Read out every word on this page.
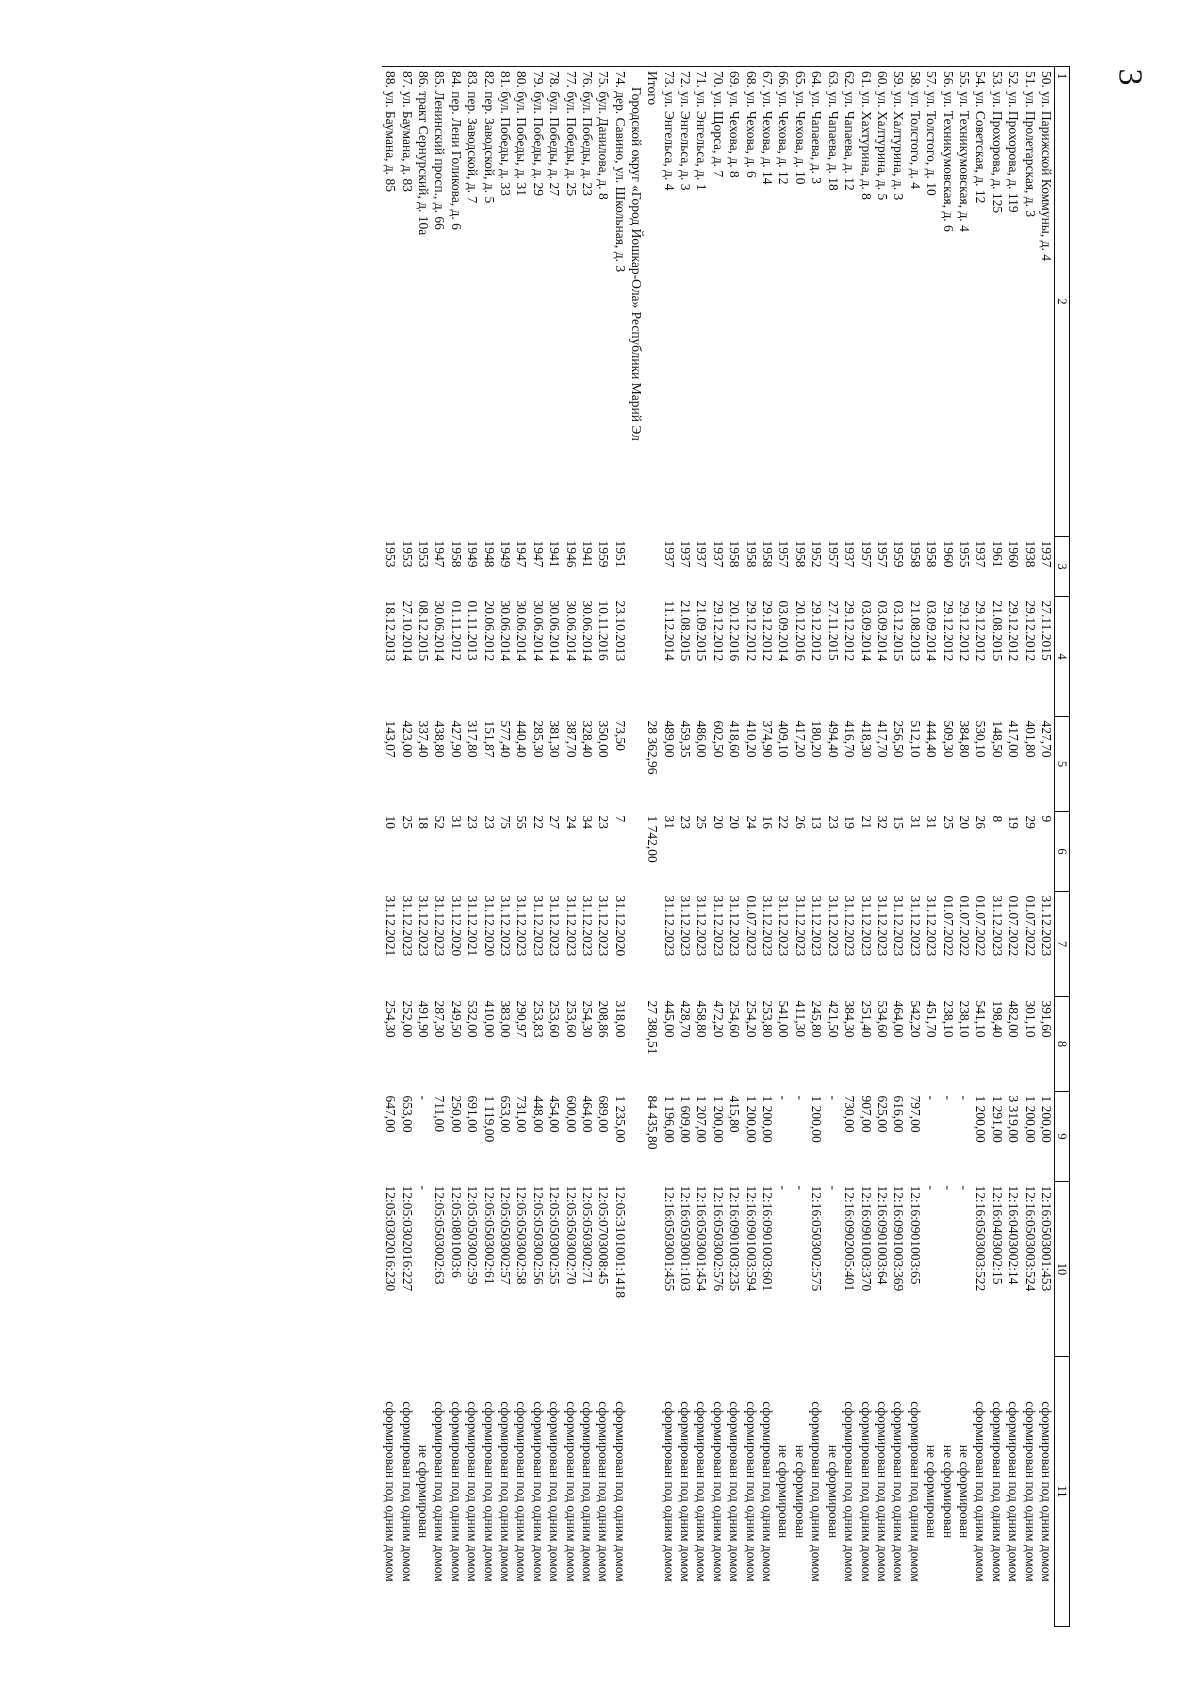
3
1
2	3	4	5	6	7	8	9	10	11
50. ул. Парижской Коммуны, д. 4	1937	27.11.2015	427,70	9	31.12.2023	391,60	1 200,00	12:16:0503001:453	сформирован под одним домом
51. ул. Пролетарская, д. 3	1938	29.12.2012	401,80	29	01.07.2022	301,10	1 200,00	12:16:0503003:524	сформирован под одним домом
52. ул. Прохорова, д. 119	1960	29.12.2012	417,00	19	01.07.2022	482,00	3 319,00	12:16:0403002:14	сформирован под одним домом
53. ул. Прохорова, д. 125	1961	21.08.2015	148,50	8	31.12.2023	198,40	1 291,00	12:16:0403002:15	сформирован под одним домом
54. ул. Советская, д. 12	1937	29.12.2012	530,10	26	01.07.2022	541,10	1 200,00	12:16:0503003:522	сформирован под одним домом
55. ул. Техникумовская, д. 4	1955	29.12.2012	384,80	20	01.07.2022	238,10	-	-	не сформирован
56. ул. Техникумовская, д. 6	1960	29.12.2012	509,30	25	01.07.2022	238,10	-	-	не сформирован
57. ул. Толстого, д. 10	1958	03.09.2014	444,40	31	31.12.2023	451,70	-	-	не сформирован
58. ул. Толстого, д. 4	1958	21.08.2013	512,10	31	31.12.2023	542,20	797,00	12:16:0901003:65	сформирован под одним домом
59. ул. Халтурина, д. 3	1959	03.12.2015	256,50	15	31.12.2023	464,00	616,00	12:16:0901003:369	сформирован под одним домом
60. ул. Халтурина, д. 5	1957	03.09.2014	417,70	32	31.12.2023	534,60	625,00	12:16:0901003:64	сформирован под одним домом
61. ул. Хахтурина, д. 8	1957	03.09.2014	418,30	21	31.12.2023	251,40	907,00	12:16:0901003:370	сформирован под одним домом
62. ул. Чапаева, д. 12	1937	29.12.2012	416,70	19	31.12.2023	384,30	730,00	12:16:0902005:401	сформирован под одним домом
63. ул. Чапаева, д. 18	1957	27.11.2015	494,40	23	31.12.2023	421,50	-	-	не сформирован
64. ул. Чапаева, д. 3	1952	29.12.2012	180,20	13	31.12.2023	245,80	1 200,00	12:16:0503002:575	сформирован под одним домом
65. ул. Чехова, д. 10	1958	20.12.2016	417,20	26	31.12.2023	411,30	-	-	не сформирован
66. ул. Чехова, д. 12	1957	03.09.2014	409,10	22	31.12.2023	541,00	-	-	не сформирован
67. ул. Чехова, д. 14	1958	29.12.2012	374,90	16	31.12.2023	253,80	1 200,00	12:16:0901003:601	сформирован под одним домом
68. ул. Чехова, д. 6	1958	29.12.2012	410,20	24	01.07.2023	254,20	1 200,00	12:16:0901003:594	сформирован под одним домом
69. ул. Чехова, д. 8	1958	20.12.2016	418,60	20	31.12.2023	254,60	415,80	12:16:0901003:235	сформирован под одним домом
70. ул. Щорса, д. 7	1937	29.12.2012	602,50	20	31.12.2023	472,20	1 200,00	12:16:0503002:576	сформирован под одним домом
71. ул. Энгельса, д. 1	1937	21.09.2015	486,00	25	31.12.2023	458,80	1 207,00	12:16:0503001:454	сформирован под одним домом
72. ул. Энгельса, д. 3	1937	21.08.2015	459,35	23	31.12.2023	428,70	1 609,00	12:16:0503001:103	сформирован под одним домом
73. ул. Энгельса, д. 4	1937	11.12.2014	489,00	31	31.12.2023	445,00	1 196,00	12:16:0503001:455	сформирован под одним домом
Итого			28 362,96	1 742,00		27 380,51	84 435,80		
Городской округ «Город Йошкар-Ола» Республики Марий Эл									
74. дер. Савино, ул. Школьная, д. 3	1951	23.10.2013	73,50	7	31.12.2020	318,00	1 235,00	12:05:3101001:1418	сформирован под одним домом
75. бул. Данилова, д. 8	1959	10.11.2016	350,00	23	31.12.2023	208,86	689,00	12:05:0703008:45	сформирован под одним домом
76. бул. Победы, д. 23	1941	30.06.2014	328,40	34	31.12.2023	254,30	464,00	12:05:0503002:71	сформирован под одним домом
77. бул. Победы, д. 25	1946	30.06.2014	387,70	24	31.12.2023	253,60	600,00	12:05:0503002:70	сформирован под одним домом
78. бул. Победы, д. 27	1941	30.06.2014	381,30	27	31.12.2023	253,60	454,00	12:05:0503002:55	сформирован под одним домом
79. бул. Победы, д. 29	1947	30.06.2014	285,30	22	31.12.2023	253,83	448,00	12:05:0503002:56	сформирован под одним домом
80. бул. Победы, д. 31	1947	30.06.2014	440,40	55	31.12.2023	290,97	731,00	12:05:0503002:58	сформирован под одним домом
81. бул. Победы, д. 33	1949	30.06.2014	577,40	75	31.12.2023	383,00	653,00	12:05:0503002:57	сформирован под одним домом
82. пер. Заводской, д. 5	1948	20.06.2012	151,87	23	31.12.2020	410,00	1 119,00	12:05:0503002:61	сформирован под одним домом
83. пер. Заводской, д. 7	1949	01.11.2013	317,80	23	31.12.2021	532,00	691,00	12:05:0503002:59	сформирован под одним домом
84. пер. Лени Голикова, д. 6	1958	01.11.2012	427,90	31	31.12.2020	249,50	250,00	12:05:0801003:6	сформирован под одним домом
85. Ленинский просп., д. 66	1947	30.06.2014	438,80	52	31.12.2023	287,30	711,00	12:05:0503002:63	сформирован под одним домом
86. тракт Сернурский, д. 10а	1953	08.12.2015	337,40	18	31.12.2023	491,90	-	-	не сформирован
87. ул. Баумана, д. 83	1953	27.10.2014	423,00	25	31.12.2023	252,00	653,00	12:05:0302016:227	сформирован под одним домом
88. ул. Баумана, д. 85	1953	18.12.2013	143,07	10	31.12.2021	254,30	647,00	12:05:0302016:230	сформирован под одним домом
